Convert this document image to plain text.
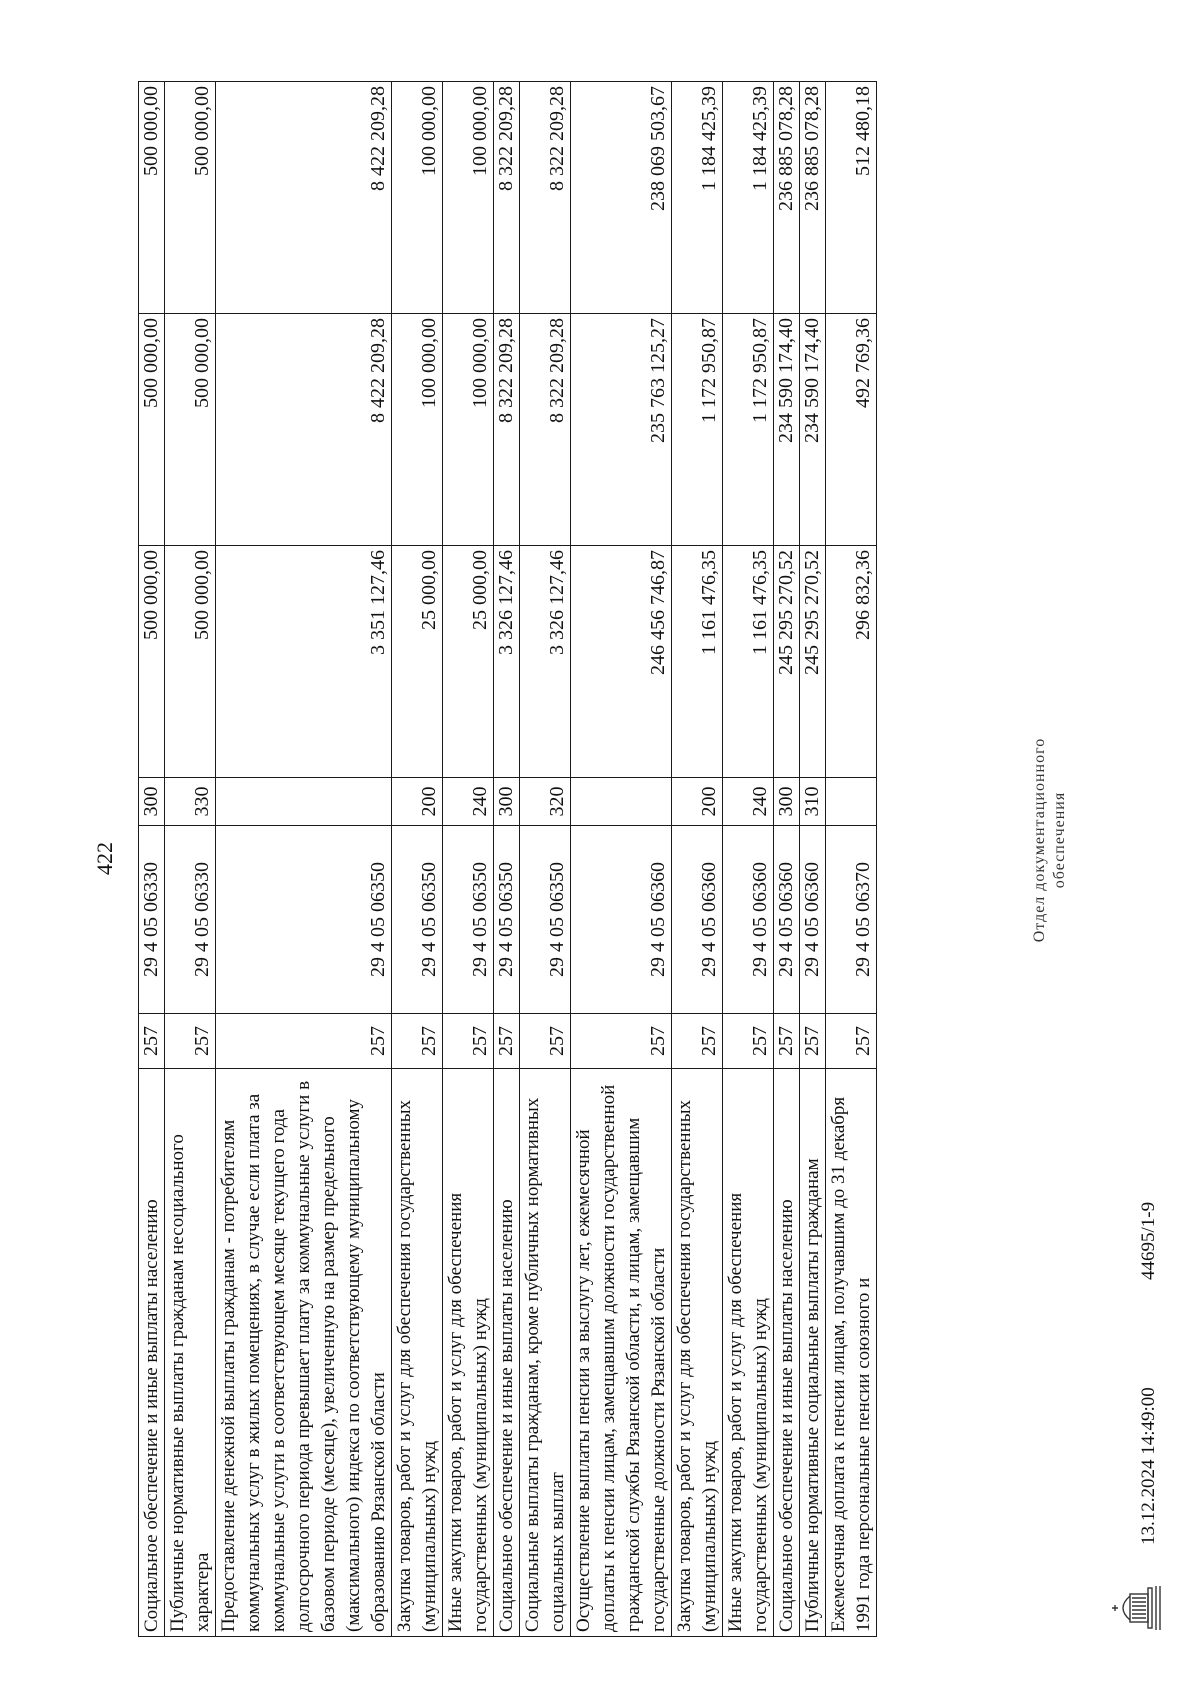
422
Социальное обеспечение и иные выплаты населению	257	29 4 05 06330	300	500 000,00	500 000,00	500 000,00
Публичные нормативные выплаты гражданам несоциального характера	257	29 4 05 06330	330	500 000,00	500 000,00	500 000,00
Предоставление денежной выплаты гражданам - потребителям коммунальных услуг в жилых помещениях, в случае если плата за коммунальные услуги в соответствующем месяце текущего года долгосрочного периода превышает плату за коммунальные услуги в базовом периоде (месяце), увеличенную на размер предельного (максимального) индекса по соответствующему муниципальному образованию Рязанской области	257	29 4 05 06350		3 351 127,46	8 422 209,28	8 422 209,28
Закупка товаров, работ и услуг для обеспечения государственных (муниципальных) нужд	257	29 4 05 06350	200	25 000,00	100 000,00	100 000,00
Иные закупки товаров, работ и услуг для обеспечения государственных (муниципальных) нужд	257	29 4 05 06350	240	25 000,00	100 000,00	100 000,00
Социальное обеспечение и иные выплаты населению	257	29 4 05 06350	300	3 326 127,46	8 322 209,28	8 322 209,28
Социальные выплаты гражданам, кроме публичных нормативных социальных выплат	257	29 4 05 06350	320	3 326 127,46	8 322 209,28	8 322 209,28
Осуществление выплаты пенсии за выслугу лет, ежемесячной доплаты к пенсии лицам, замещавшим должности государственной гражданской службы Рязанской области, и лицам, замещавшим государственные должности Рязанской области	257	29 4 05 06360		246 456 746,87	235 763 125,27	238 069 503,67
Закупка товаров, работ и услуг для обеспечения государственных (муниципальных) нужд	257	29 4 05 06360	200	1 161 476,35	1 172 950,87	1 184 425,39
Иные закупки товаров, работ и услуг для обеспечения государственных (муниципальных) нужд	257	29 4 05 06360	240	1 161 476,35	1 172 950,87	1 184 425,39
Социальное обеспечение и иные выплаты населению	257	29 4 05 06360	300	245 295 270,52	234 590 174,40	236 885 078,28
Публичные нормативные социальные выплаты гражданам	257	29 4 05 06360	310	245 295 270,52	234 590 174,40	236 885 078,28
Ежемесячная доплата к пенсии лицам, получавшим до 31 декабря 1991 года персональные пенсии союзного и	257	29 4 05 06370		296 832,36	492 769,36	512 480,18
Отдел документационного обеспечения
13.12.2024 14:49:00
44695/1-9
